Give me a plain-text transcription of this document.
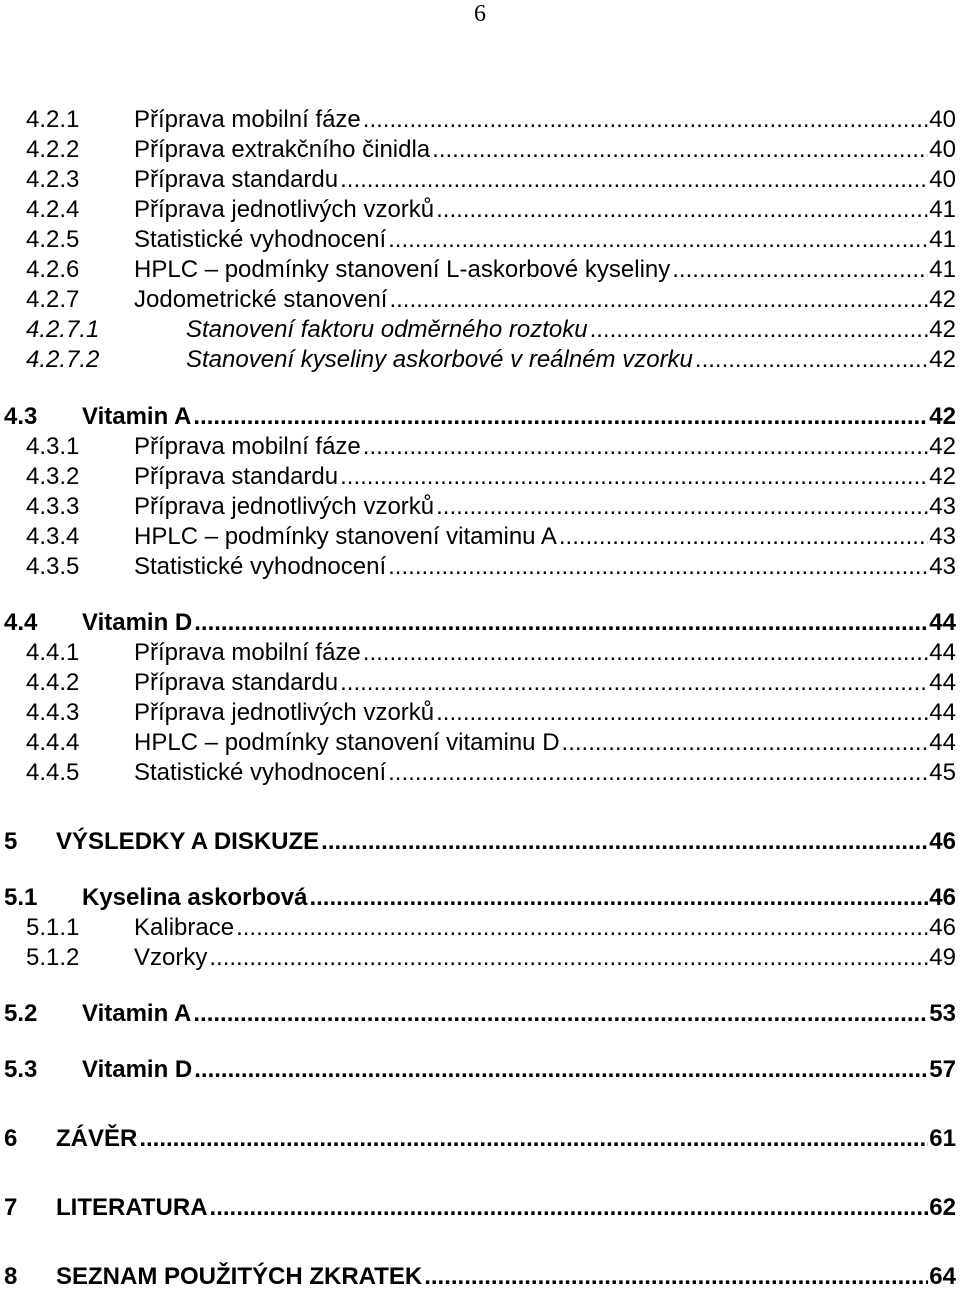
6
4.2.1	Příprava mobilní fáze .....	40
4.2.2	Příprava extrakčního činidla .....	40
4.2.3	Příprava standardu .....	40
4.2.4	Příprava jednotlivých vzorků .....	41
4.2.5	Statistické vyhodnocení .....	41
4.2.6	HPLC – podmínky stanovení L-askorbové kyseliny .....	41
4.2.7	Jodometrické stanovení .....	42
4.2.7.1	Stanovení faktoru odměrného roztoku .....	42
4.2.7.2	Stanovení kyseliny askorbové v reálném vzorku .....	42
4.3	Vitamin A .....	42
4.3.1	Příprava mobilní fáze .....	42
4.3.2	Příprava standardu .....	42
4.3.3	Příprava jednotlivých vzorků .....	43
4.3.4	HPLC – podmínky stanovení vitaminu A .....	43
4.3.5	Statistické vyhodnocení .....	43
4.4	Vitamin D .....	44
4.4.1	Příprava mobilní fáze .....	44
4.4.2	Příprava standardu .....	44
4.4.3	Příprava jednotlivých vzorků .....	44
4.4.4	HPLC – podmínky stanovení vitaminu D .....	44
4.4.5	Statistické vyhodnocení .....	45
5	VÝSLEDKY A DISKUZE .....	46
5.1	Kyselina askorbová .....	46
5.1.1	Kalibrace .....	46
5.1.2	Vzorky .....	49
5.2	Vitamin A .....	53
5.3	Vitamin D .....	57
6	ZÁVĚR .....	61
7	LITERATURA .....	62
8	SEZNAM POUŽITÝCH ZKRATEK .....	64
